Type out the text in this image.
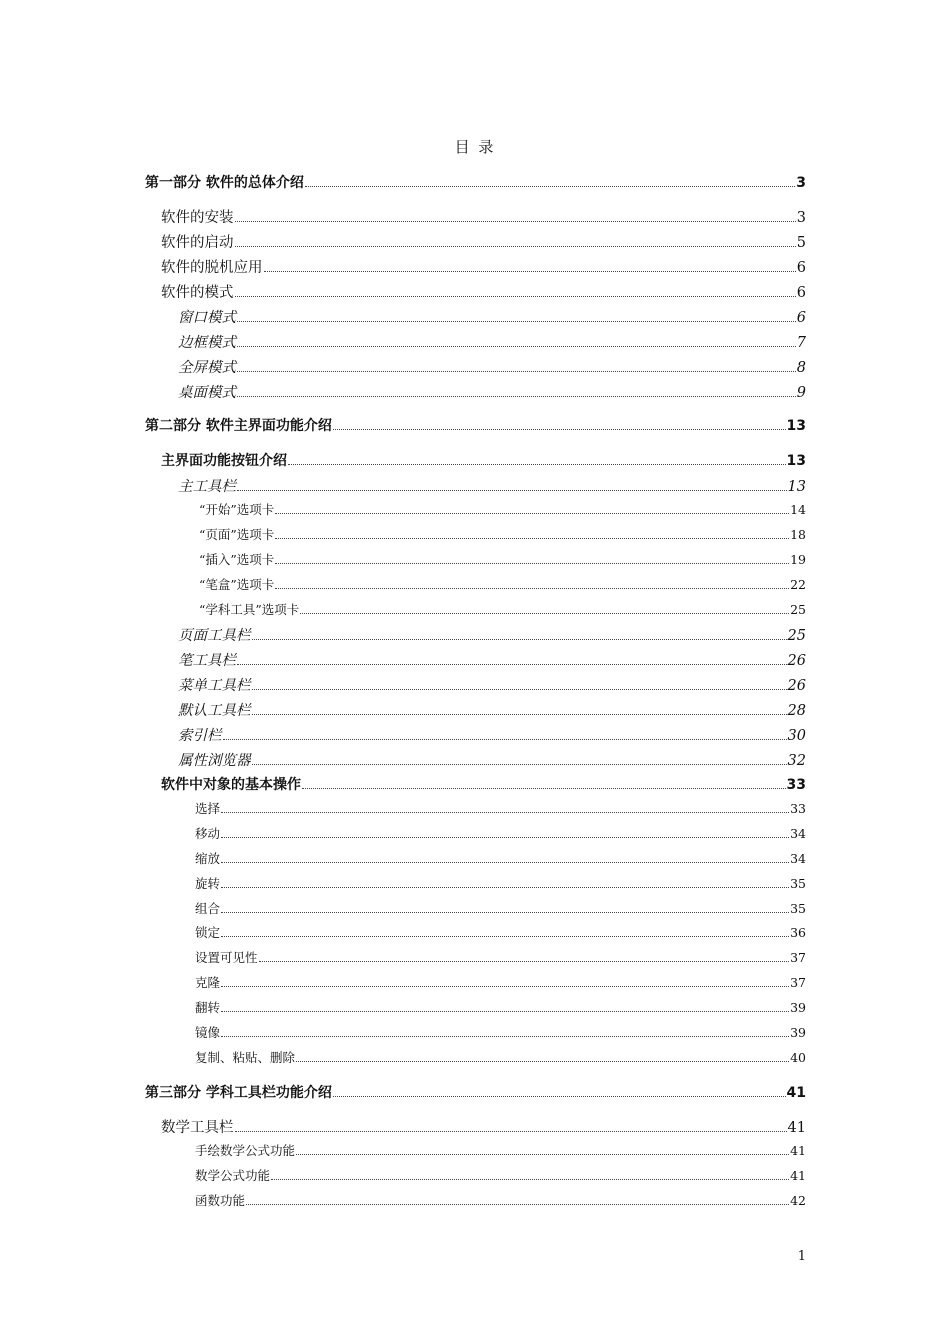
目 录
第一部分 软件的总体介绍	3
软件的安装	3
软件的启动	5
软件的脱机应用	6
软件的模式	6
窗口模式	6
边框模式	7
全屏模式	8
桌面模式	9
第二部分 软件主界面功能介绍	13
主界面功能按钮介绍	13
主工具栏	13
“开始”选项卡	14
“页面”选项卡	18
“插入”选项卡	19
“笔盒”选项卡	22
“学科工具”选项卡	25
页面工具栏	25
笔工具栏	26
菜单工具栏	26
默认工具栏	28
索引栏	30
属性浏览器	32
软件中对象的基本操作	33
选择	33
移动	34
缩放	34
旋转	35
组合	35
锁定	36
设置可见性	37
克隆	37
翻转	39
镜像	39
复制、粘贴、删除	40
第三部分 学科工具栏功能介绍	41
数学工具栏	41
手绘数学公式功能	41
数学公式功能	41
函数功能	42
1
